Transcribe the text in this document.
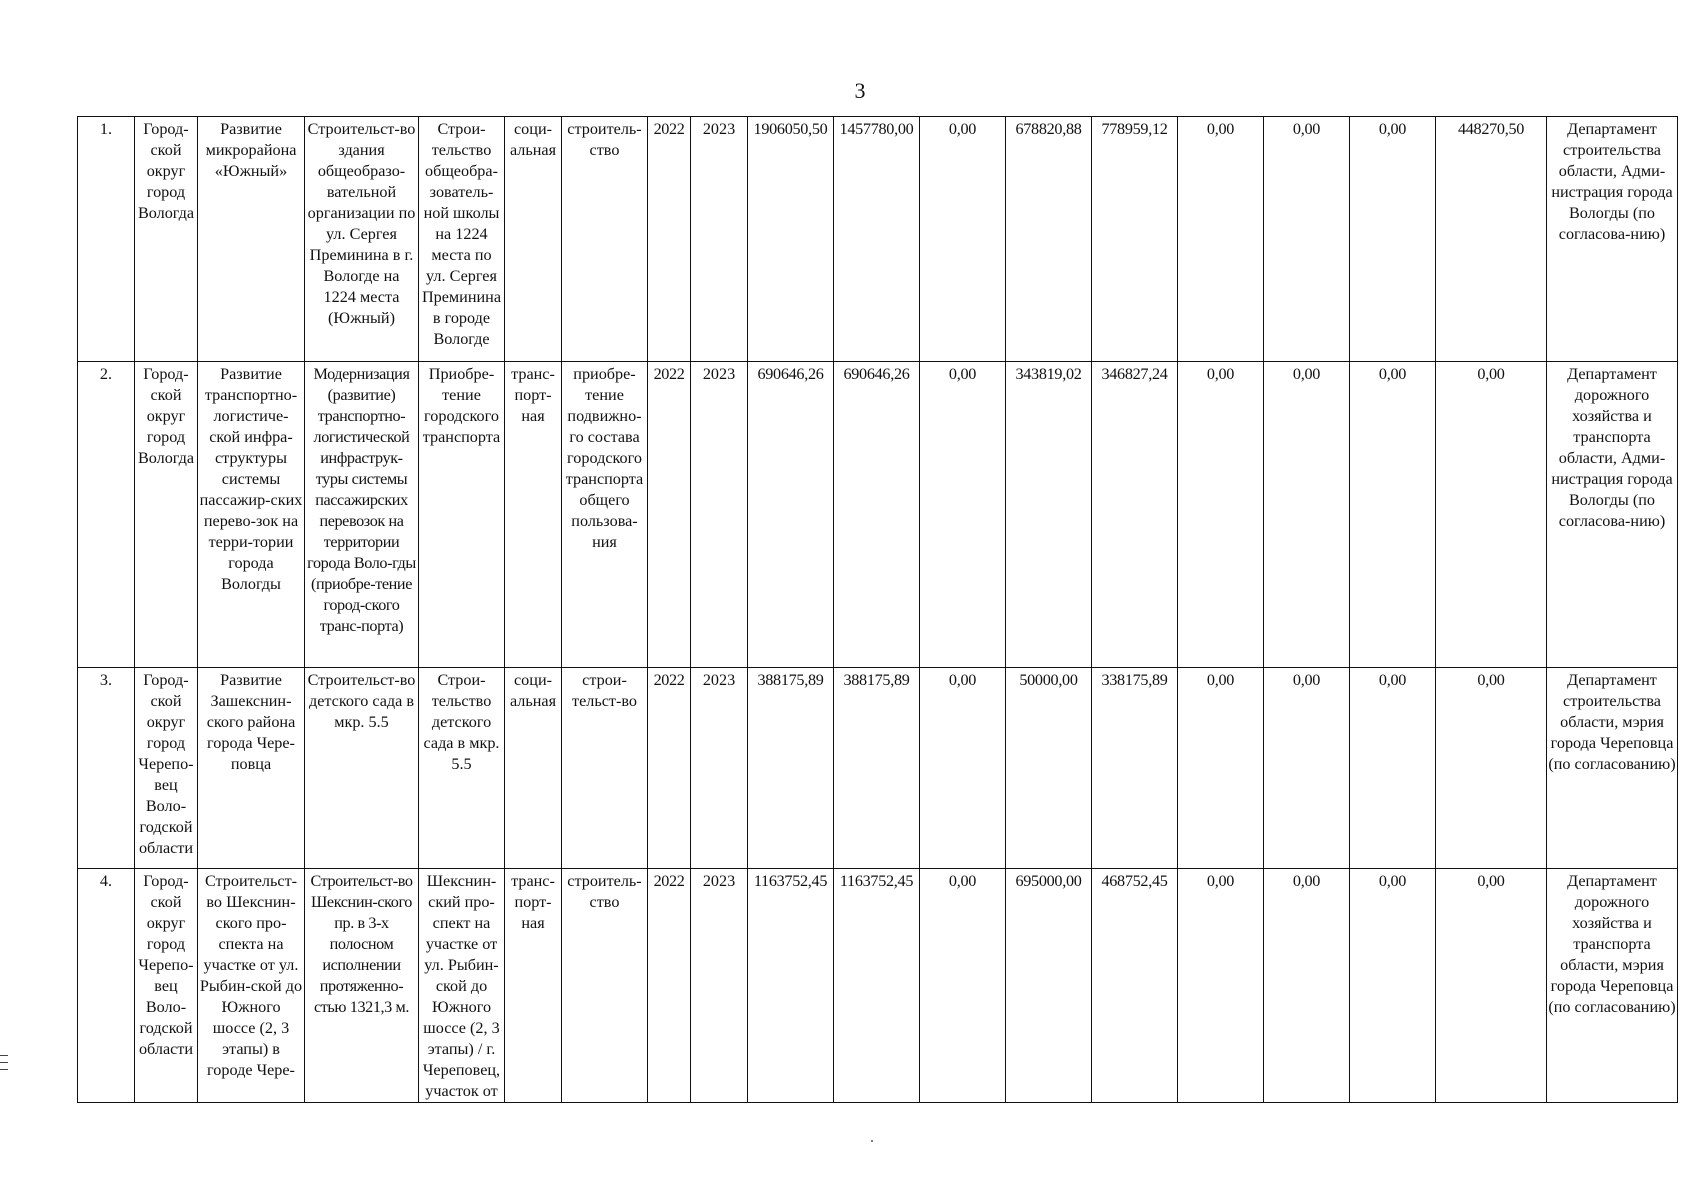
3
1.	Город-ской округ город Вологда	Развитие микрорайона «Южный»	Строительст-во здания общеобразо-вательной организации по ул. Сергея Преминина в г. Вологде на 1224 места (Южный)	Строи-тельство общеобра-зователь-ной школы на 1224 места по ул. Сергея Преминина в городе Вологде	соци-альная	строитель-ство	2022	2023	1906050,50	1457780,00	0,00	678820,88	778959,12	0,00	0,00	0,00	448270,50	Департамент строительства области, Адми-нистрация города Вологды (по согласова-нию)
2.	Город-ской округ город Вологда	Развитие транспортно-логистиче-ской инфра-структуры системы пассажир-ских перево-зок на терри-тории города Вологды	Модернизация (развитие) транспортно-логистической инфраструк-туры системы пассажирских перевозок на территории города Воло-гды (приобре-тение город-ского транс-порта)	Приобре-тение городского транспорта	транс-порт-ная	приобре-тение подвижно-го состава городского транспорта общего пользова-ния	2022	2023	690646,26	690646,26	0,00	343819,02	346827,24	0,00	0,00	0,00	0,00	Департамент дорожного хозяйства и транспорта области, Адми-нистрация города Вологды (по согласова-нию)
3.	Город-ской округ город Черепо-вец Воло-годской области	Развитие Зашекснин-ского района города Чере-повца	Строительст-во детского сада в мкр. 5.5	Строи-тельство детского сада в мкр. 5.5	соци-альная	строи-тельст-во	2022	2023	388175,89	388175,89	0,00	50000,00	338175,89	0,00	0,00	0,00	0,00	Департамент строительства области, мэрия города Череповца (по согласованию)
4.	Город-ской округ город Черепо-вец Воло-годской области	Строительст-во Шекснин-ского про-спекта на участке от ул. Рыбин-ской до Южного шоссе (2, 3 этапы) в городе Чере-	Строительст-во Шекснин-ского пр. в 3-х полосном исполнении протяженно-стью 1321,3 м.	Шекснин-ский про-спект на участке от ул. Рыбин-ской до Южного шоссе (2, 3 этапы) / г. Череповец, участок от	транс-порт-ная	строитель-ство	2022	2023	1163752,45	1163752,45	0,00	695000,00	468752,45	0,00	0,00	0,00	0,00	Департамент дорожного хозяйства и транспорта области, мэрия города Череповца (по согласованию)
